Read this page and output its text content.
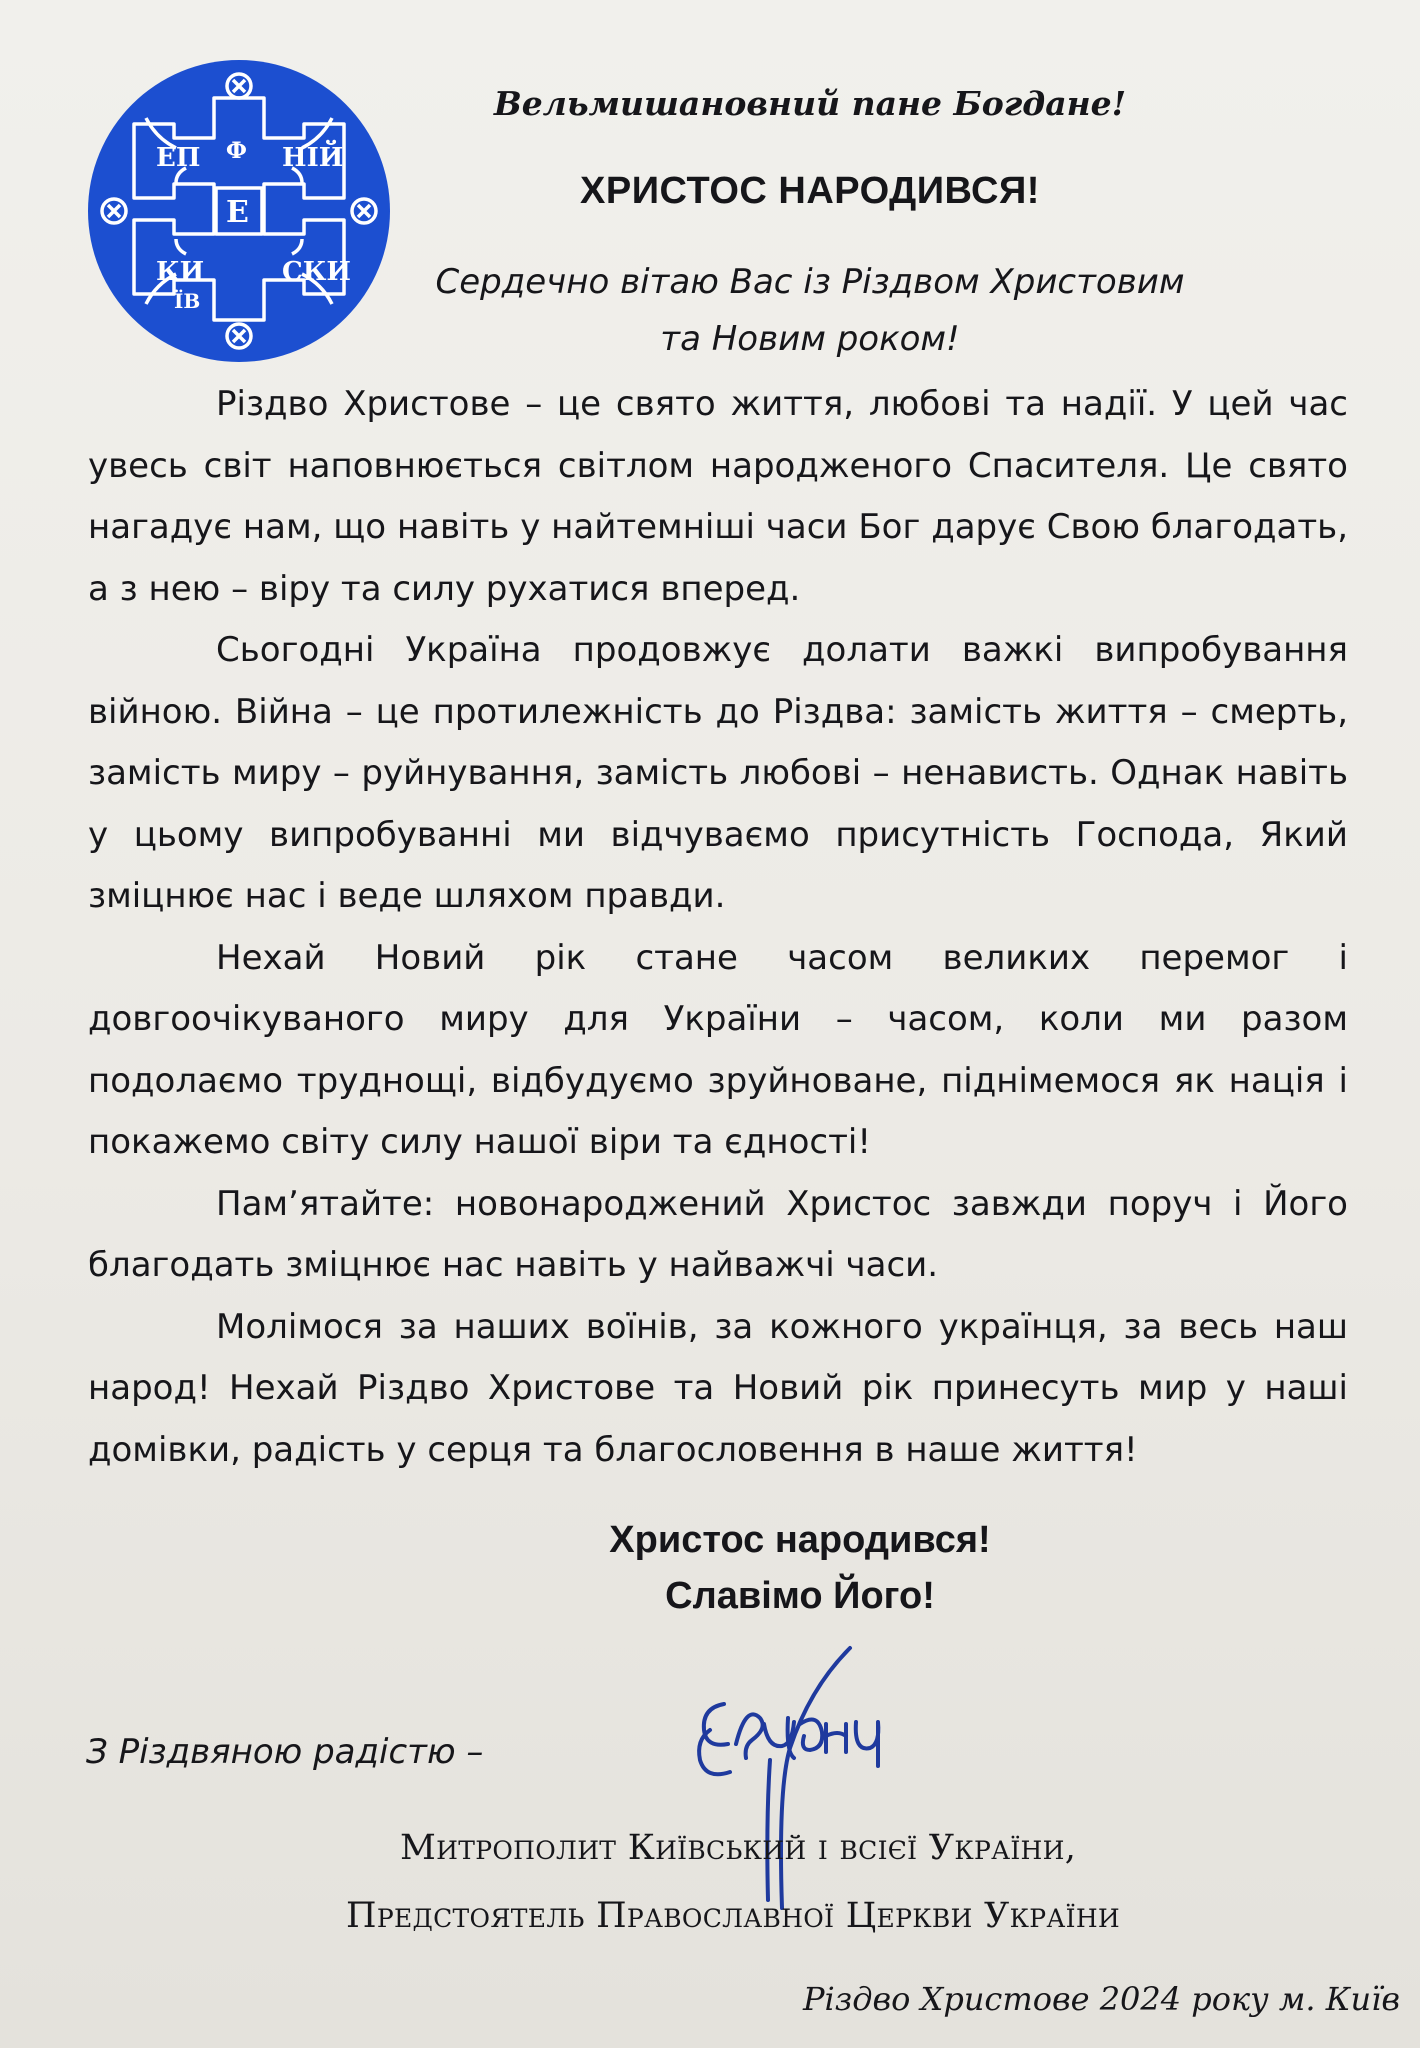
ЕП	НІЙ
Ф
Е
КИ	СКИ
ЇВ
Вельмишановний пане Богдане!
ХРИСТОС НАРОДИВСЯ!
Сердечно вітаю Вас із Різдвом Христовим
та Новим роком!

Різдво Христове – це свято життя, любові та надії. У цей час увесь світ наповнюється світлом народженого Спасителя. Це свято нагадує нам, що навіть у найтемніші часи Бог дарує Свою благодать, а з нею – віру та силу рухатися вперед.

Сьогодні Україна продовжує долати важкі випробування війною. Війна – це протилежність до Різдва: замість життя – смерть, замість миру – руйнування, замість любові – ненависть. Однак навіть у цьому випробуванні ми відчуваємо присутність Господа, Який зміцнює нас і веде шляхом правди.

Нехай Новий рік стане часом великих перемог і довгоочікуваного миру для України – часом, коли ми разом подолаємо труднощі, відбудуємо зруйноване, піднімемося як нація і покажемо світу силу нашої віри та єдності!

Пам’ятайте: новонароджений Христос завжди поруч і Його благодать зміцнює нас навіть у найважчі часи.

Молімося за наших воїнів, за кожного українця, за весь наш народ! Нехай Різдво Христове та Новий рік принесуть мир у наші домівки, радість у серця та благословення в наше життя!

Христос народився!
Славімо Його!
З Різдвяною радістю –
Митрополит Київський і всієї України,
Предстоятель Православної Церкви України
Різдво Христове 2024 року м. Київ
